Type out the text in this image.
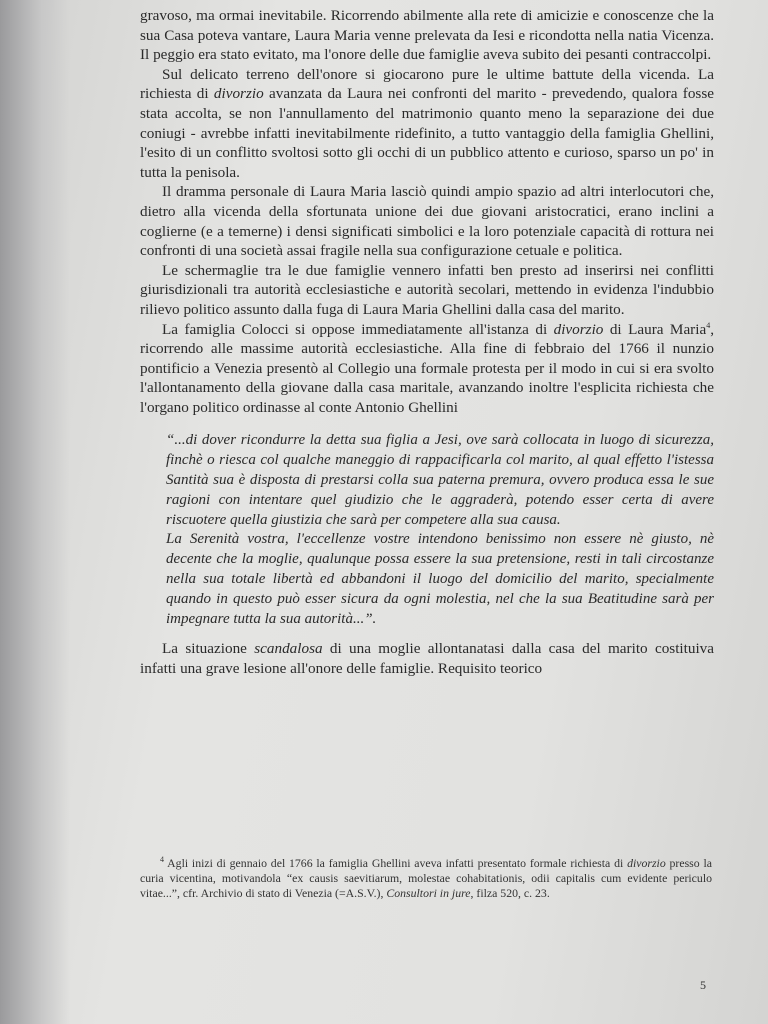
gravoso, ma ormai inevitabile. Ricorrendo abilmente alla rete di amicizie e conoscenze che la sua Casa poteva vantare, Laura Maria venne prelevata da Iesi e ricondotta nella natia Vicenza. Il peggio era stato evitato, ma l'onore delle due famiglie aveva subito dei pesanti contraccolpi.

Sul delicato terreno dell'onore si giocarono pure le ultime battute della vicenda. La richiesta di divorzio avanzata da Laura nei confronti del marito - prevedendo, qualora fosse stata accolta, se non l'annullamento del matrimonio quanto meno la separazione dei due coniugi - avrebbe infatti inevitabilmente ridefinito, a tutto vantaggio della famiglia Ghellini, l'esito di un conflitto svoltosi sotto gli occhi di un pubblico attento e curioso, sparso un po' in tutta la penisola.

Il dramma personale di Laura Maria lasciò quindi ampio spazio ad altri interlocutori che, dietro alla vicenda della sfortunata unione dei due giovani aristocratici, erano inclini a coglierne (e a temerne) i densi significati simbolici e la loro potenziale capacità di rottura nei confronti di una società assai fragile nella sua configurazione cetuale e politica.

Le schermaglie tra le due famiglie vennero infatti ben presto ad inserirsi nei conflitti giurisdizionali tra autorità ecclesiastiche e autorità secolari, mettendo in evidenza l'indubbio rilievo politico assunto dalla fuga di Laura Maria Ghellini dalla casa del marito.

La famiglia Colocci si oppose immediatamente all'istanza di divorzio di Laura Maria$^4$, ricorrendo alle massime autorità ecclesiastiche. Alla fine di febbraio del 1766 il nunzio pontificio a Venezia presentò al Collegio una formale protesta per il modo in cui si era svolto l'allontanamento della giovane dalla casa maritale, avanzando inoltre l'esplicita richiesta che l'organo politico ordinasse al conte Antonio Ghellini

“...di dover ricondurre la detta sua figlia a Jesi, ove sarà collocata in luogo di sicurezza, finchè o riesca col qualche maneggio di rappacificarla col marito, al qual effetto l'istessa Santità sua è disposta di prestarsi colla sua paterna premura, ovvero produca essa le sue ragioni con intentare quel giudizio che le aggraderà, potendo esser certa di avere riscuotere quella giustizia che sarà per competere alla sua causa.

La Serenità vostra, l'eccellenze vostre intendono benissimo non essere nè giusto, nè decente che la moglie, qualunque possa essere la sua pretensione, resti in tali circostanze nella sua totale libertà ed abbandoni il luogo del domicilio del marito, specialmente quando in questo può esser sicura da ogni molestia, nel che la sua Beatitudine sarà per impegnare tutta la sua autorità...”.

La situazione scandalosa di una moglie allontanatasi dalla casa del marito costituiva infatti una grave lesione all'onore delle famiglie. Requisito teorico

$^4$ Agli inizi di gennaio del 1766 la famiglia Ghellini aveva infatti presentato formale richiesta di divorzio presso la curia vicentina, motivandola “ex causis saevitiarum, molestae cohabitationis, odii capitalis cum evidente periculo vitae...”, cfr. Archivio di stato di Venezia (=A.S.V.), Consultori in jure, filza 520, c. 23.

5
